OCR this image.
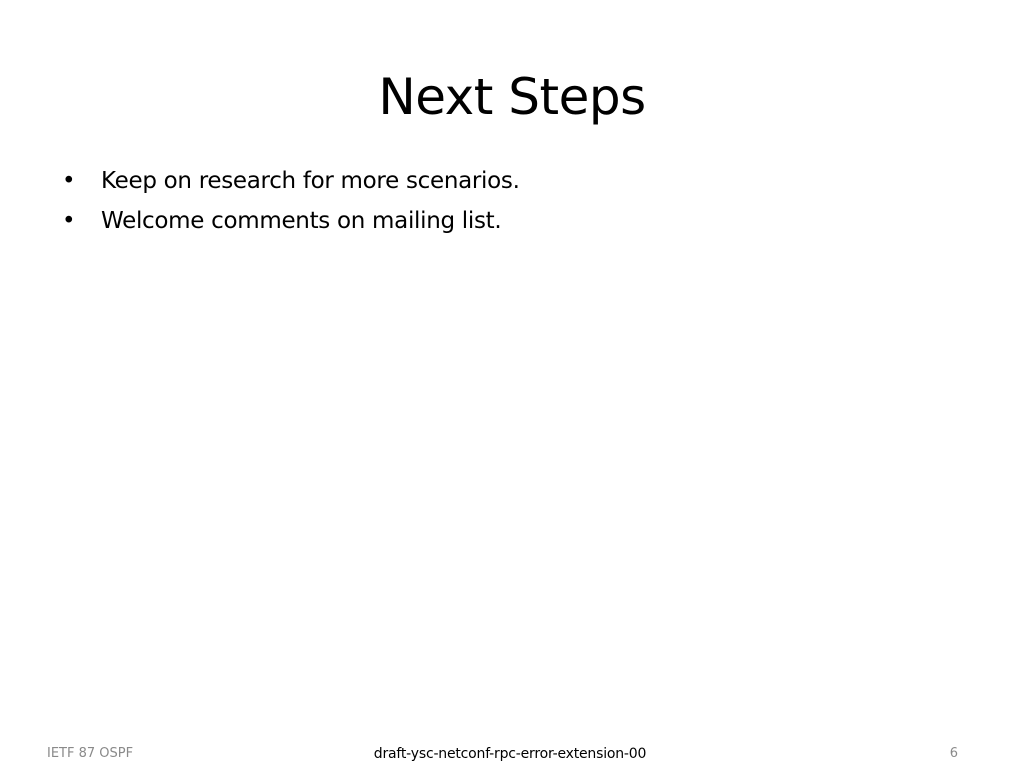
Next Steps
• Keep on research for more scenarios.
• Welcome comments on mailing list.
IETF 87 OSPF	draft-ysc-netconf-rpc-error-extension-00	6
